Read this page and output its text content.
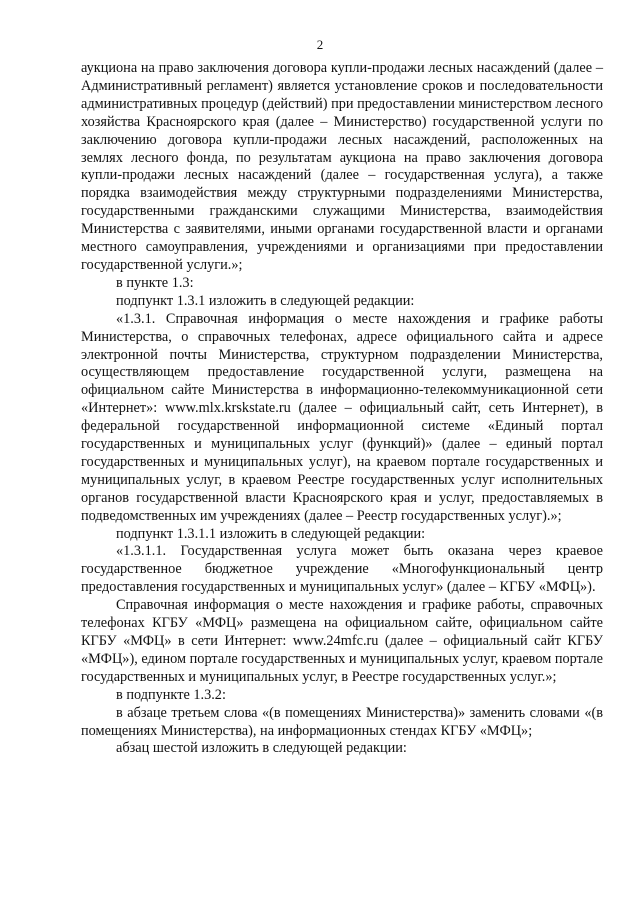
2

аукциона на право заключения договора купли-продажи лесных насаждений (далее – Административный регламент) является установление сроков и последовательности административных процедур (действий) при предоставлении министерством лесного хозяйства Красноярского края (далее – Министерство) государственной услуги по заключению договора купли-продажи лесных насаждений, расположенных на землях лесного фонда, по результатам аукциона на право заключения договора купли-продажи лесных насаждений (далее – государственная услуга), а также порядка взаимодействия между структурными подразделениями Министерства, государственными гражданскими служащими Министерства, взаимодействия Министерства с заявителями, иными органами государственной власти и органами местного самоуправления, учреждениями и организациями при предоставлении государственной услуги.»;

в пункте 1.3:

подпункт 1.3.1 изложить в следующей редакции:

«1.3.1. Справочная информация о месте нахождения и графике работы Министерства, о справочных телефонах, адресе официального сайта и адресе электронной почты Министерства, структурном подразделении Министерства, осуществляющем предоставление государственной услуги, размещена на официальном сайте Министерства в информационно-телекоммуникационной сети «Интернет»: www.mlx.krskstate.ru (далее – официальный сайт, сеть Интернет), в федеральной государственной информационной системе «Единый портал государственных и муниципальных услуг (функций)» (далее – единый портал государственных и муниципальных услуг), на краевом портале государственных и муниципальных услуг, в краевом Реестре государственных услуг исполнительных органов государственной власти Красноярского края и услуг, предоставляемых в подведомственных им учреждениях (далее – Реестр государственных услуг).»;

подпункт 1.3.1.1 изложить в следующей редакции:

«1.3.1.1. Государственная услуга может быть оказана через краевое государственное бюджетное учреждение «Многофункциональный центр предоставления государственных и муниципальных услуг» (далее – КГБУ «МФЦ»).

Справочная информация о месте нахождения и графике работы, справочных телефонах КГБУ «МФЦ» размещена на официальном сайте, официальном сайте КГБУ «МФЦ» в сети Интернет: www.24mfc.ru (далее – официальный сайт КГБУ «МФЦ»), едином портале государственных и муниципальных услуг, краевом портале государственных и муниципальных услуг, в Реестре государственных услуг.»;

в подпункте 1.3.2:

в абзаце третьем слова «(в помещениях Министерства)» заменить словами «(в помещениях Министерства), на информационных стендах КГБУ «МФЦ»;

абзац шестой изложить в следующей редакции:
